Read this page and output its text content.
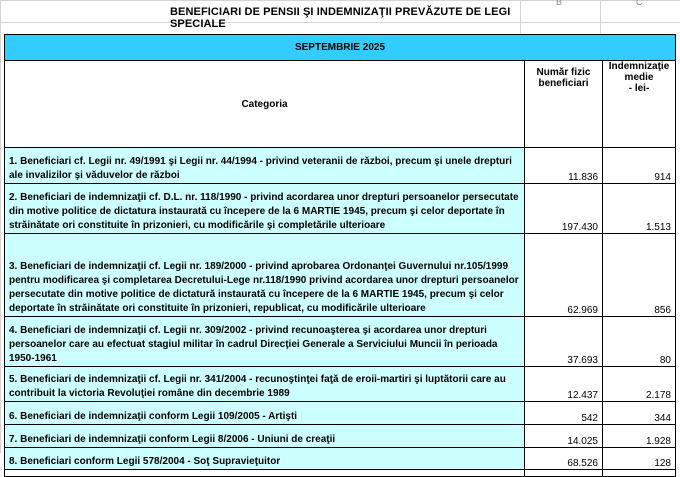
B	C
BENEFICIARI DE PENSII ŞI INDEMNIZAŢII PREVĂZUTE DE LEGI SPECIALE
SEPTEMBRIE 2025		
Categoria	Număr fizic beneficiari	Indemnizaţie
medie
- lei-

1. Beneficiari cf. Legii nr. 49/1991 şi Legii nr. 44/1994 - privind veteranii de război, precum şi unele drepturi ale invalizilor şi văduvelor de război	11.836	914
2. Beneficiari de indemnizaţii cf. D.L. nr. 118/1990 - privind acordarea unor drepturi persoanelor persecutate din motive politice de dictatura instaurată cu începere de la 6 MARTIE 1945, precum şi celor deportate în străinătate ori constituite în prizonieri, cu modificările şi completările ulterioare	197.430	1.513
3. Beneficiari de indemnizaţii cf. Legii nr. 189/2000 - privind aprobarea Ordonanţei Guvernului nr.105/1999 pentru modificarea şi completarea Decretului-Lege nr.118/1990 privind acordarea unor drepturi persoanelor persecutate din motive politice de dictatură instaurată cu începere de la 6 MARTIE 1945, precum şi celor deportate în străinătate ori constituite în prizonieri, republicat, cu modificările ulterioare	62.969	856
4. Beneficiari de indemnizaţii cf. Legii nr. 309/2002 - privind recunoaşterea şi acordarea unor drepturi persoanelor care au efectuat stagiul militar în cadrul Direcţiei Generale a Serviciului Muncii în perioada 1950-1961	37.693	80
5. Beneficiari de indemnizaţii cf. Legii nr. 341/2004 - recunoştinţei faţă de eroii-martiri şi luptătorii care au contribuit la victoria Revoluţiei române din decembrie 1989	12.437	2.178
6. Beneficiari de indemnizaţii conform Legii 109/2005 - Artişti	542	344
7. Beneficiari de indemnizaţii conform Legii 8/2006 - Uniuni de creaţii	14.025	1.928
8. Beneficiari conform Legii 578/2004 - Soţ Supravieţuitor	68.526	128
